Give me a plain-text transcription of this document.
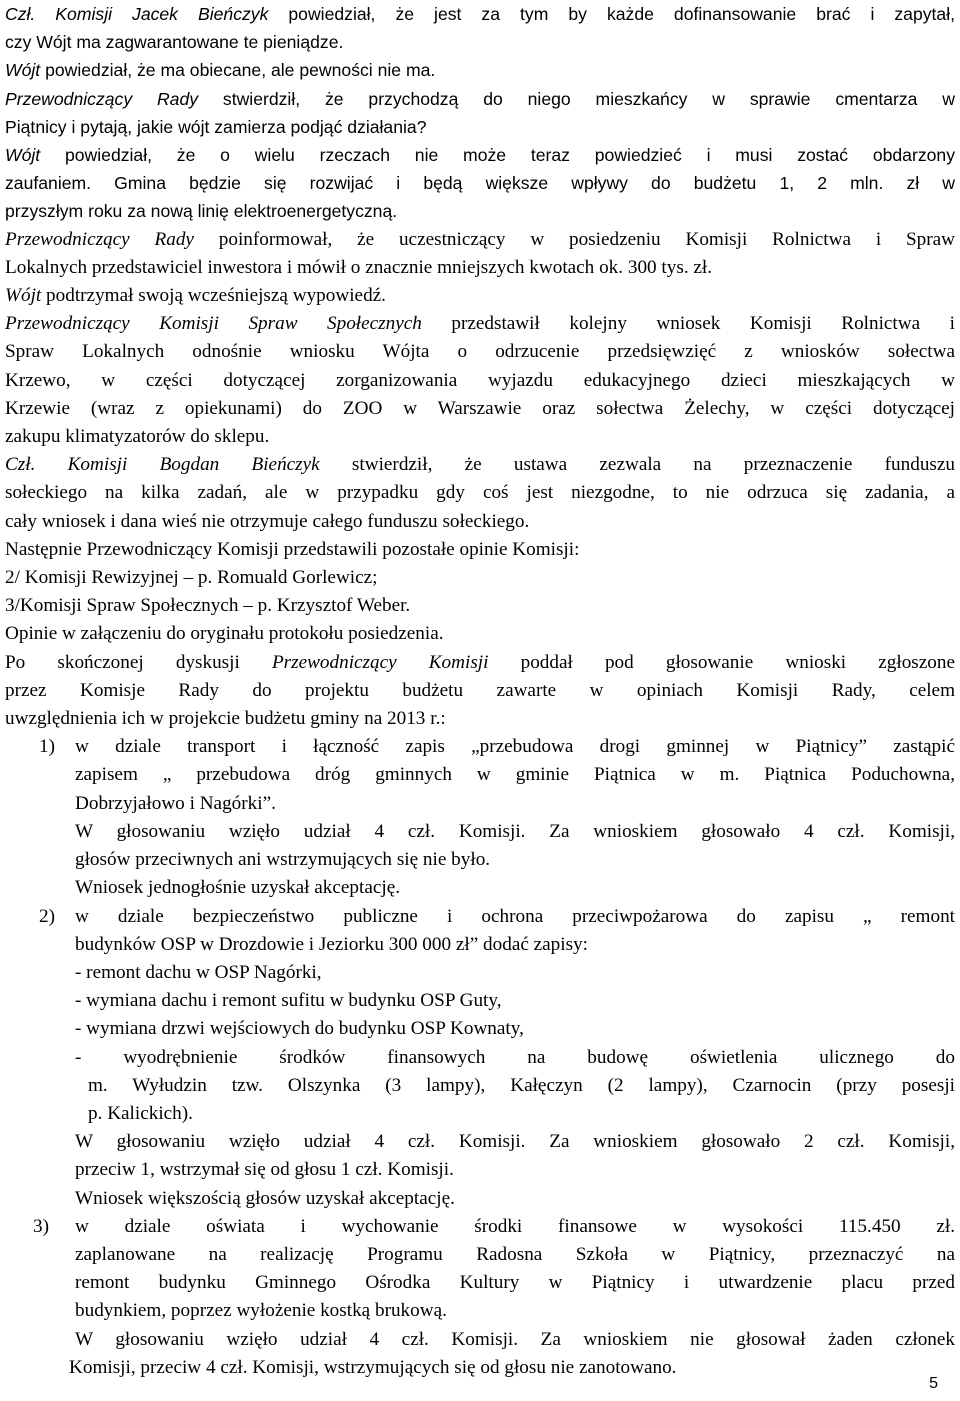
Czł. Komisji Jacek Bieńczyk powiedział, że jest za tym by każde dofinansowanie brać i zapytał,
czy Wójt ma zagwarantowane te pieniądze.
Wójt powiedział, że ma obiecane, ale pewności nie ma.
Przewodniczący Rady stwierdził, że przychodzą do niego mieszkańcy w sprawie cmentarza w
Piątnicy i pytają, jakie wójt zamierza podjąć działania?
Wójt powiedział, że o wielu rzeczach nie może teraz powiedzieć i musi zostać obdarzony
zaufaniem. Gmina będzie się rozwijać i będą większe wpływy do budżetu 1, 2 mln. zł w
przyszłym roku za nową linię elektroenergetyczną.
Przewodniczący Rady poinformował, że uczestniczący w posiedzeniu Komisji Rolnictwa i Spraw
Lokalnych przedstawiciel inwestora i mówił o znacznie mniejszych kwotach ok. 300 tys. zł.
Wójt podtrzymał swoją wcześniejszą wypowiedź.
Przewodniczący Komisji Spraw Społecznych przedstawił kolejny wniosek Komisji Rolnictwa i
Spraw Lokalnych odnośnie wniosku Wójta o odrzucenie przedsięwzięć z wniosków sołectwa
Krzewo, w części dotyczącej zorganizowania wyjazdu edukacyjnego dzieci mieszkających w
Krzewie (wraz z opiekunami) do ZOO w Warszawie oraz sołectwa Żelechy, w części dotyczącej
zakupu klimatyzatorów do sklepu.
Czł. Komisji Bogdan Bieńczyk stwierdził, że ustawa zezwala na przeznaczenie funduszu
sołeckiego na kilka zadań, ale w przypadku gdy coś jest niezgodne, to nie odrzuca się zadania, a
cały wniosek i dana wieś nie otrzymuje całego funduszu sołeckiego.
Następnie Przewodniczący Komisji przedstawili pozostałe opinie Komisji:
2/ Komisji Rewizyjnej – p. Romuald Gorlewicz;
3/Komisji Spraw Społecznych – p. Krzysztof Weber.
Opinie w załączeniu do oryginału protokołu posiedzenia.
Po skończonej dyskusji Przewodniczący Komisji poddał pod głosowanie wnioski zgłoszone
przez Komisje Rady do projektu budżetu zawarte w opiniach Komisji Rady, celem
uwzględnienia ich w projekcie budżetu gminy na 2013 r.:
1) w dziale transport i łączność zapis „przebudowa drogi gminnej w Piątnicy” zastąpić
zapisem „ przebudowa dróg gminnych w gminie Piątnica w m. Piątnica Poduchowna,
Dobrzyjałowo i Nagórki”.
W głosowaniu wzięło udział 4 czł. Komisji. Za wnioskiem głosowało 4 czł. Komisji,
głosów przeciwnych ani wstrzymujących się nie było.
Wniosek jednogłośnie uzyskał akceptację.
2) w dziale bezpieczeństwo publiczne i ochrona przeciwpożarowa do zapisu „ remont
budynków OSP w Drozdowie i Jeziorku 300 000 zł” dodać zapisy:
- remont dachu w OSP Nagórki,
- wymiana dachu i remont sufitu w budynku OSP Guty,
- wymiana drzwi wejściowych do budynku OSP Kownaty,
- wyodrębnienie środków finansowych na budowę oświetlenia ulicznego do
m. Wyłudzin tzw. Olszynka (3 lampy), Kałęczyn (2 lampy), Czarnocin (przy posesji
p. Kalickich).
W głosowaniu wzięło udział 4 czł. Komisji. Za wnioskiem głosowało 2 czł. Komisji,
przeciw 1, wstrzymał się od głosu 1 czł. Komisji.
Wniosek większością głosów uzyskał akceptację.
3) w dziale oświata i wychowanie środki finansowe w wysokości 115.450 zł.
zaplanowane na realizację Programu Radosna Szkoła w Piątnicy, przeznaczyć na
remont budynku Gminnego Ośrodka Kultury w Piątnicy i utwardzenie placu przed
budynkiem, poprzez wyłożenie kostką brukową.
W głosowaniu wzięło udział 4 czł. Komisji. Za wnioskiem nie głosował żaden członek
Komisji, przeciw 4 czł. Komisji, wstrzymujących się od głosu nie zanotowano.
5
